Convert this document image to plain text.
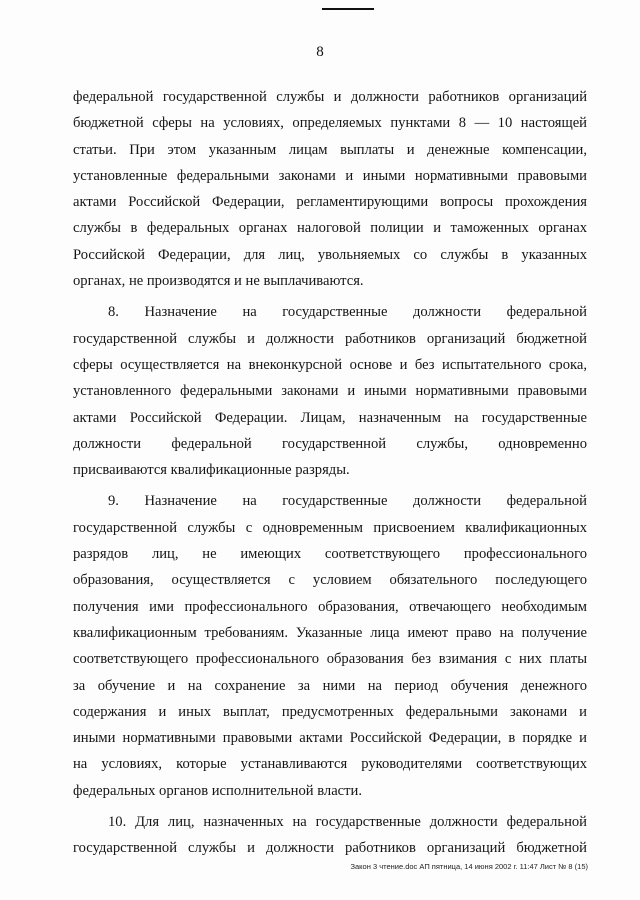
8
федеральной государственной службы и должности работников организаций
бюджетной сферы на условиях, определяемых пунктами 8 — 10 настоящей
статьи. При этом указанным лицам выплаты и денежные компенсации,
установленные федеральными законами и иными нормативными правовыми
актами Российской Федерации, регламентирующими вопросы прохождения
службы в федеральных органах налоговой полиции и таможенных органах
Российской Федерации, для лиц, увольняемых со службы в указанных
органах, не производятся и не выплачиваются.
8. Назначение на государственные должности федеральной
государственной службы и должности работников организаций бюджетной
сферы осуществляется на внеконкурсной основе и без испытательного срока,
установленного федеральными законами и иными нормативными правовыми
актами Российской Федерации. Лицам, назначенным на государственные
должности федеральной государственной службы, одновременно
присваиваются квалификационные разряды.
9. Назначение на государственные должности федеральной
государственной службы с одновременным присвоением квалификационных
разрядов лиц, не имеющих соответствующего профессионального
образования, осуществляется с условием обязательного последующего
получения ими профессионального образования, отвечающего необходимым
квалификационным требованиям. Указанные лица имеют право на получение
соответствующего профессионального образования без взимания с них платы
за обучение и на сохранение за ними на период обучения денежного
содержания и иных выплат, предусмотренных федеральными законами и
иными нормативными правовыми актами Российской Федерации, в порядке и
на условиях, которые устанавливаются руководителями соответствующих
федеральных органов исполнительной власти.
10. Для лиц, назначенных на государственные должности федеральной
государственной службы и должности работников организаций бюджетной
Закон 3 чтение.doc АП пятница, 14 июня 2002 г. 11:47 Лист № 8 (15)
